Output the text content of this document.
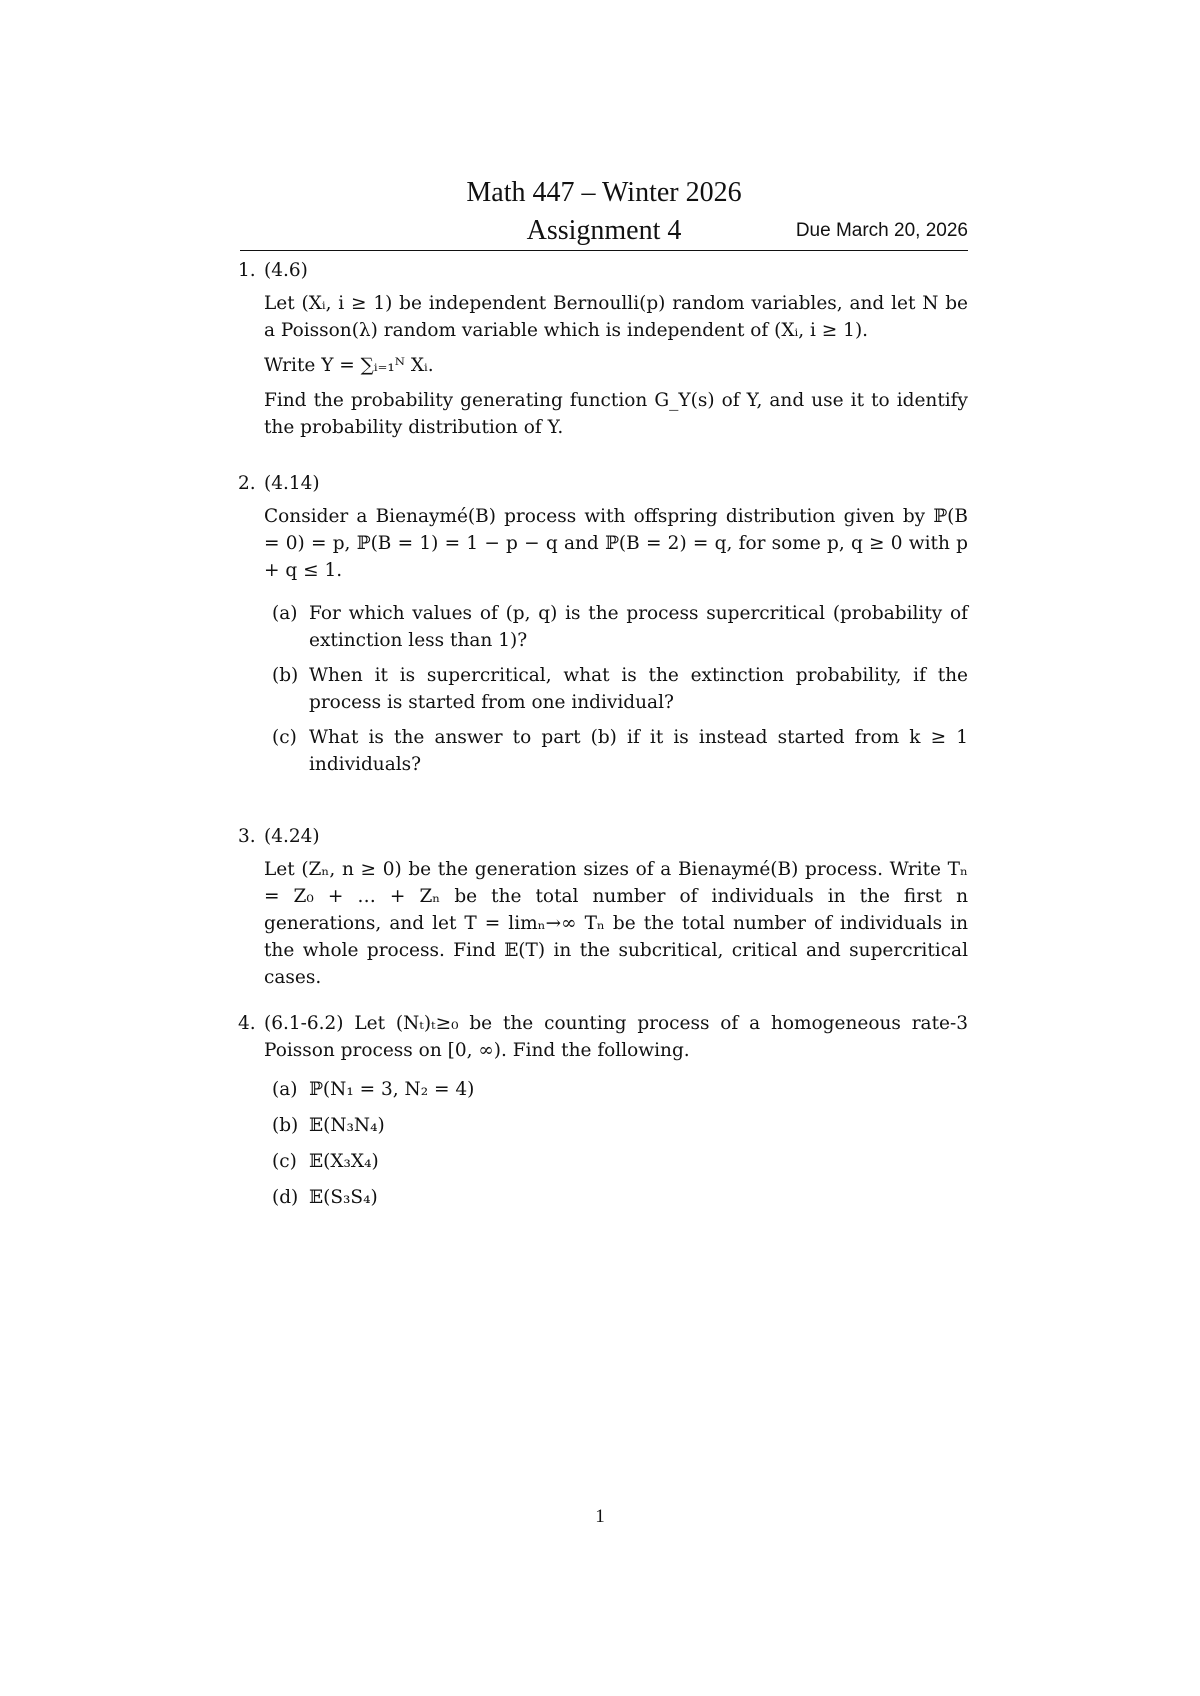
Math 447 – Winter 2026
Assignment 4	Due March 20, 2026
1. (4.6)

Let (Xᵢ, i ≥ 1) be independent Bernoulli(p) random variables, and let N be a Poisson(λ) random variable which is independent of (Xᵢ, i ≥ 1).

Write Y = ∑ᵢ₌₁ᴺ Xᵢ.

Find the probability generating function G_Y(s) of Y, and use it to identify the probability distribution of Y.

2. (4.14)

Consider a Bienaymé(B) process with offspring distribution given by ℙ(B = 0) = p, ℙ(B = 1) = 1 − p − q and ℙ(B = 2) = q, for some p, q ≥ 0 with p + q ≤ 1.

(a) For which values of (p, q) is the process supercritical (probability of extinction less than 1)?

(b) When it is supercritical, what is the extinction probability, if the process is started from one individual?

(c) What is the answer to part (b) if it is instead started from k ≥ 1 individuals?

3. (4.24)

Let (Zₙ, n ≥ 0) be the generation sizes of a Bienaymé(B) process. Write Tₙ = Z₀ + … + Zₙ be the total number of individuals in the first n generations, and let T = limₙ→∞ Tₙ be the total number of individuals in the whole process. Find 𝔼(T) in the subcritical, critical and supercritical cases.

4. (6.1-6.2) Let (Nₜ)ₜ≥₀ be the counting process of a homogeneous rate-3 Poisson process on [0, ∞). Find the following.

(a) ℙ(N₁ = 3, N₂ = 4)

(b) 𝔼(N₃N₄)

(c) 𝔼(X₃X₄)

(d) 𝔼(S₃S₄)

1
